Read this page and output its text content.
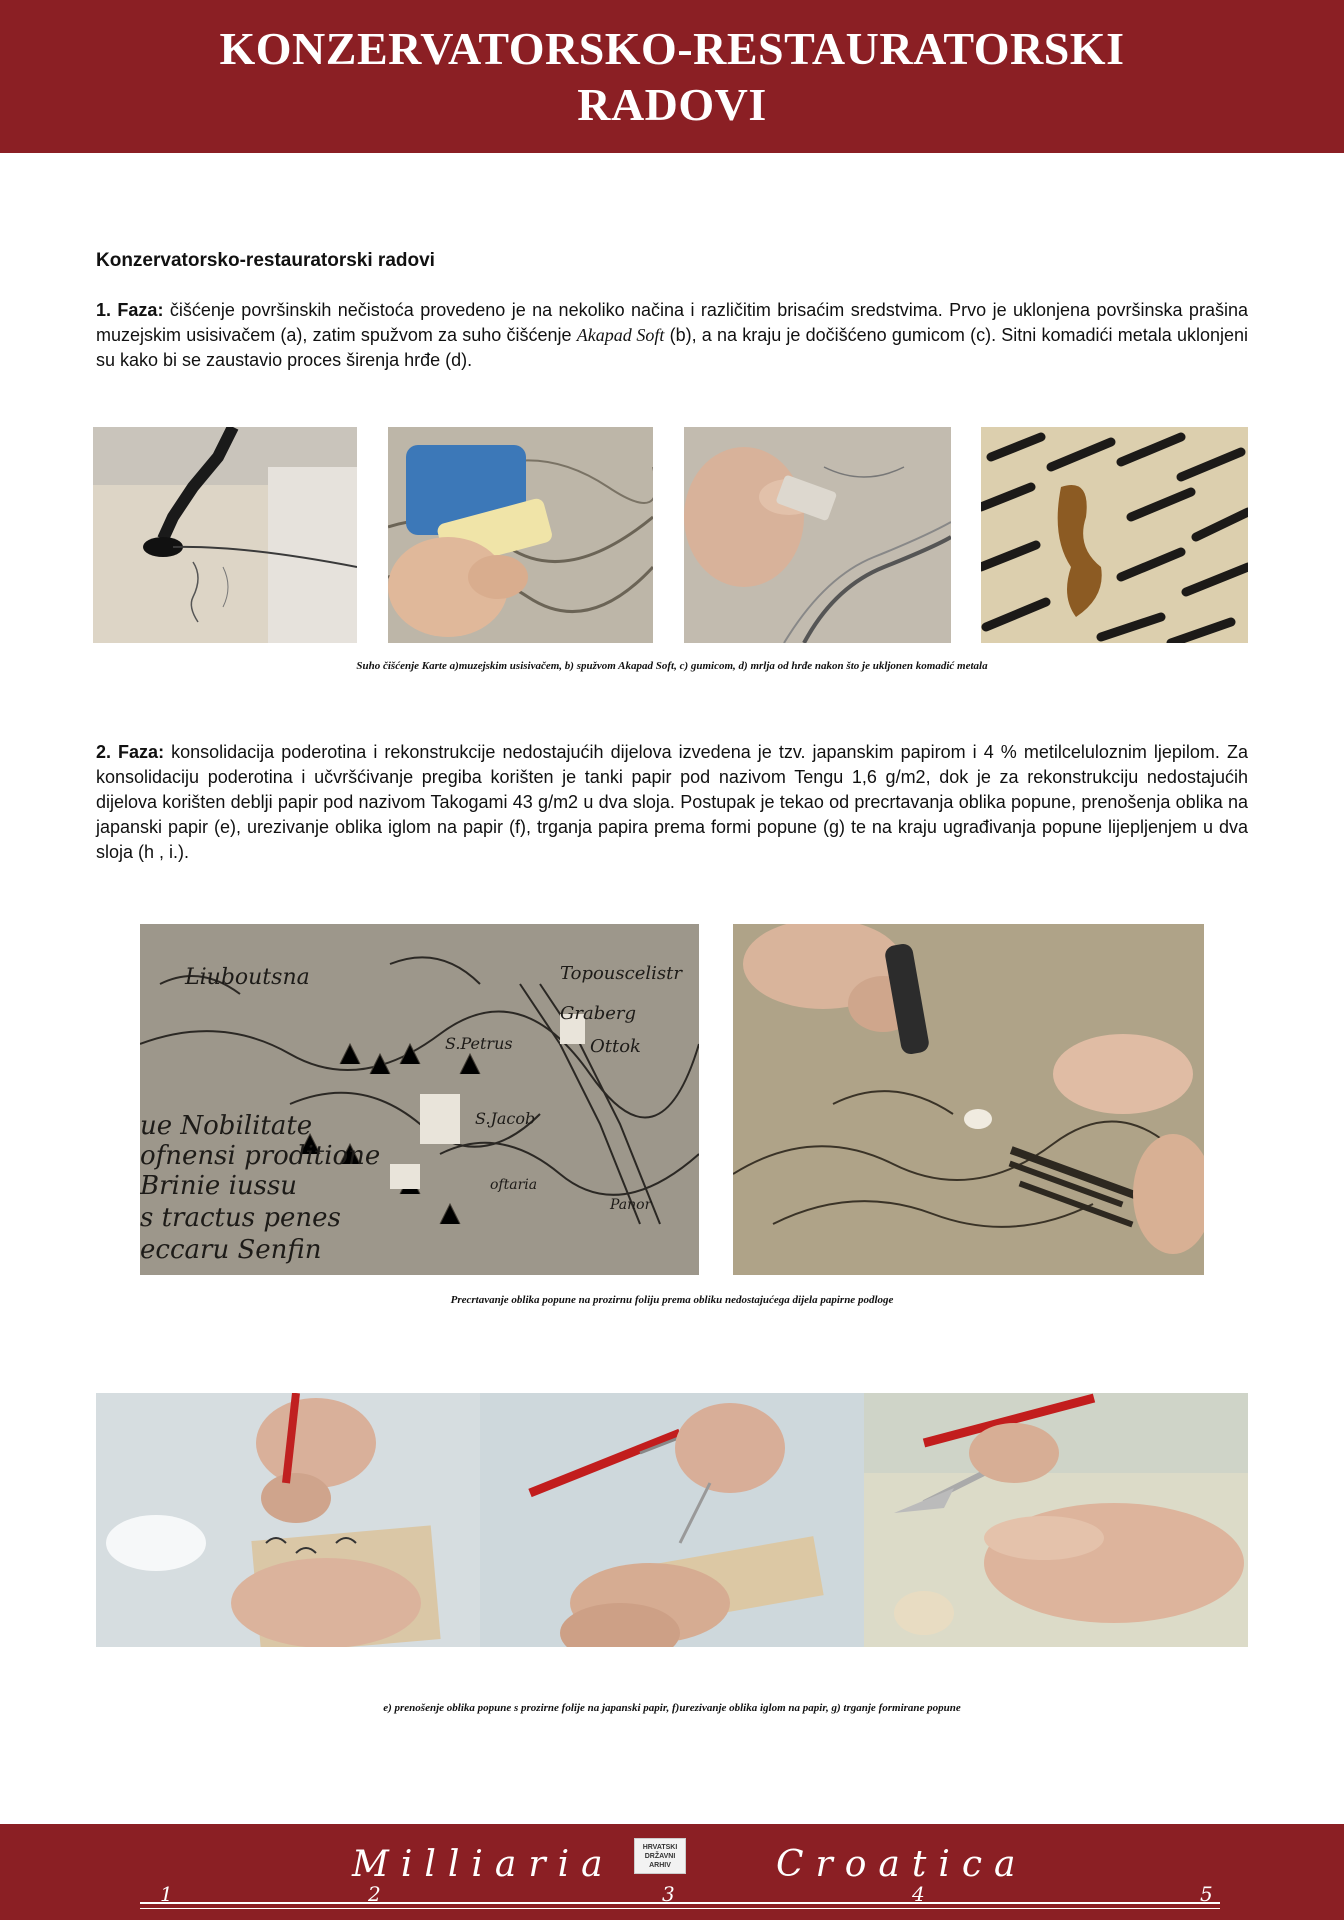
KONZERVATORSKO-RESTAURATORSKI
RADOVI
Konzervatorsko-restauratorski radovi
1. Faza: čišćenje površinskih nečistoća provedeno je na nekoliko načina i različitim brisaćim sredstvima. Prvo je uklonjena površinska prašina muzejskim usisivačem (a), zatim spužvom za suho čišćenje Akapad Soft (b), a na kraju je dočišćeno gumicom (c). Sitni komadići metala uklonjeni su kako bi se zaustavio proces širenja hrđe (d).
Suho čišćenje Karte a)muzejskim usisivačem, b) spužvom Akapad Soft, c) gumicom, d) mrlja od hrđe nakon što je ukljonen komadić metala
2. Faza: konsolidacija poderotina i rekonstrukcije nedostajućih dijelova izvedena je tzv. japanskim papirom i 4 % metilceluloznim ljepilom. Za konsolidaciju poderotina i učvršćivanje pregiba korišten je tanki papir pod nazivom Tengu 1,6 g/m2, dok je za rekonstrukciju nedostajućih dijelova korišten deblji papir pod nazivom Takogami 43 g/m2 u dva sloja. Postupak je tekao od precrtavanja oblika popune, prenošenja oblika na japanski papir (e), urezivanje oblika iglom na papir (f), trganja papira prema formi popune (g) te na kraju ugrađivanja popune lijepljenjem u dva sloja (h , i.).
Liuboutsna	Topouscelistr
Graberg
S.Petrus	Ottok
S.Jacob
ue Nobilitate
ofnensi proditione
Brinie iussu
s tractus penes
eccaru Senfin
oftaria
Panor
Precrtavanje oblika popune na prozirnu foliju prema obliku nedostajućega dijela papirne podloge
e) prenošenje oblika popune s prozirne folije na japanski papir, f)urezivanje oblika iglom na papir, g) trganje formirane popune
Milliaria	HRVATSKI
DRŽAVNI
ARHIV	Croatica
1	2	3	4	5
